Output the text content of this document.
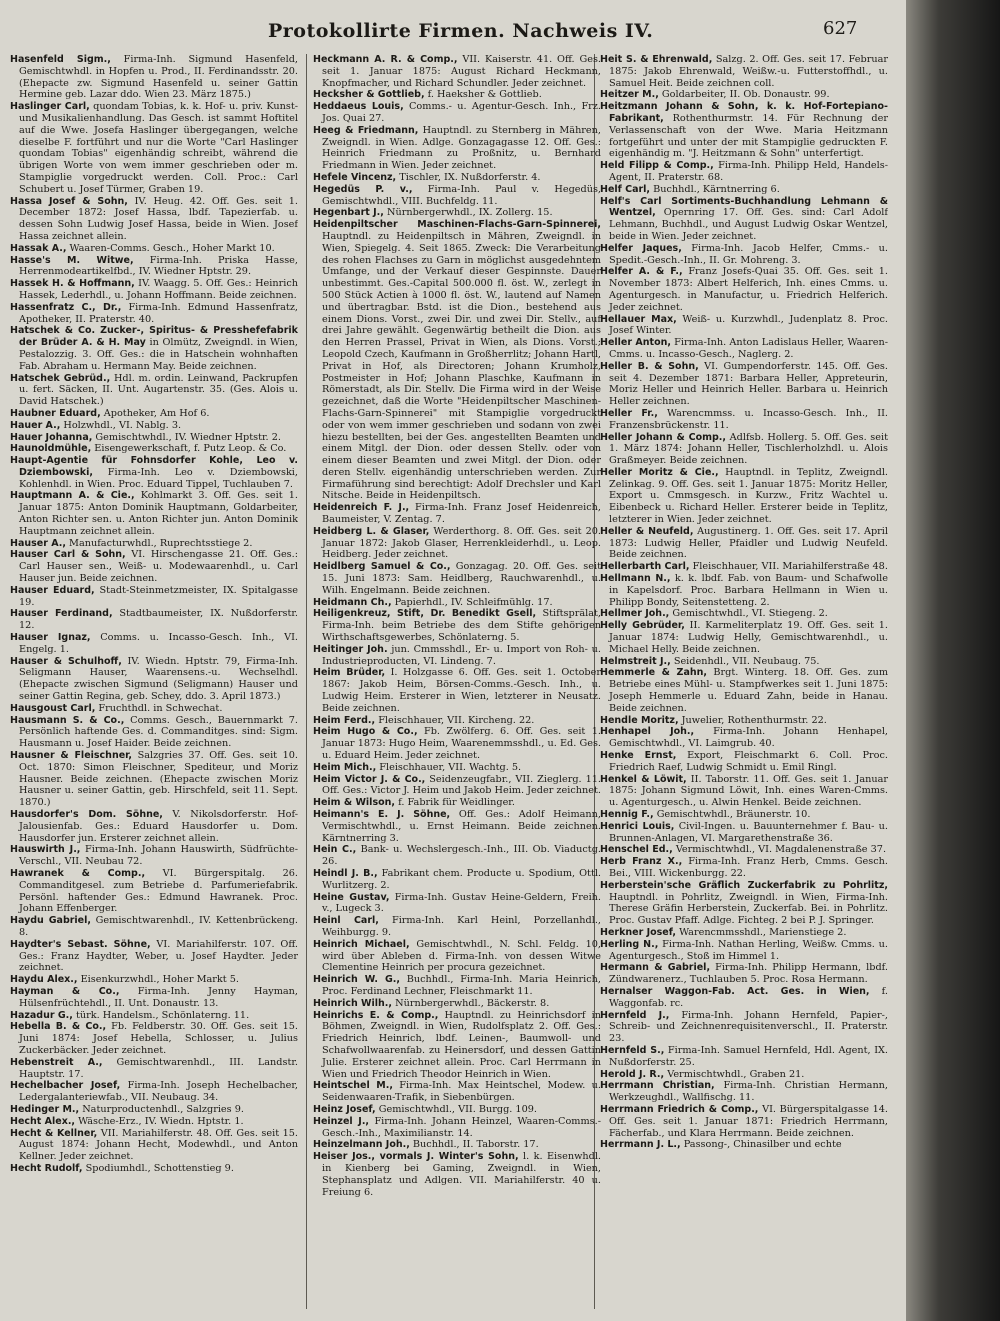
Protokollirte Firmen. Nachweis IV.	627

Hasenfeld Sigm., Firma-Inh. Sigmund Hasenfeld, Gemischtwhdl. in Hopfen u. Prod., II. Ferdinandsstr. 20. (Ehepacte zw. Sigmund Hasenfeld u. seiner Gattin Hermine geb. Lazar ddo. Wien 23. März 1875.)

Haslinger Carl, quondam Tobias, k. k. Hof- u. priv. Kunst- und Musikalienhandlung. Das Gesch. ist sammt Hoftitel auf die Wwe. Josefa Haslinger übergegangen, welche dieselbe F. fortführt und nur die Worte "Carl Haslinger quondam Tobias" eigenhändig schreibt, während die übrigen Worte von wem immer geschrieben oder m. Stampiglie vorgedruckt werden. Coll. Proc.: Carl Schubert u. Josef Türmer, Graben 19.

Hassa Josef & Sohn, IV. Heug. 42. Off. Ges. seit 1. December 1872: Josef Hassa, lbdf. Tapezierfab. u. dessen Sohn Ludwig Josef Hassa, beide in Wien. Josef Hassa zeichnet allein.

Hassak A., Waaren-Comms. Gesch., Hoher Markt 10.

Hasse's M. Witwe, Firma-Inh. Priska Hasse, Herrenmodeartikelfbd., IV. Wiedner Hptstr. 29.

Hassek H. & Hoffmann, IV. Waagg. 5. Off. Ges.: Heinrich Hassek, Lederhdl., u. Johann Hoffmann. Beide zeichnen.

Hassenfratz C., Dr., Firma-Inh. Edmund Hassenfratz, Apotheker, II. Praterstr. 40.

Hatschek & Co. Zucker-, Spiritus- & Presshefefabrik der Brüder A. & H. May in Olmütz, Zweigndl. in Wien, Pestalozzig. 3. Off. Ges.: die in Hatschein wohnhaften Fab. Abraham u. Hermann May. Beide zeichnen.

Hatschek Gebrüd., Hdl. m. ordin. Leinwand, Packrupfen u. fert. Säcken, II. Unt. Augartenstr. 35. (Ges. Alois u. David Hatschek.)

Haubner Eduard, Apotheker, Am Hof 6.

Hauer A., Holzwhdl., VI. Nablg. 3.

Hauer Johanna, Gemischtwhdl., IV. Wiedner Hptstr. 2.

Haunoldmühle, Eisengewerkschaft, f. Putz Leop. & Co.

Haupt-Agentie für Fohnsdorfer Kohle, Leo v. Dziembowski, Firma-Inh. Leo v. Dziembowski, Kohlenhdl. in Wien. Proc. Eduard Tippel, Tuchlauben 7.

Hauptmann A. & Cie., Kohlmarkt 3. Off. Ges. seit 1. Januar 1875: Anton Dominik Hauptmann, Goldarbeiter, Anton Richter sen. u. Anton Richter jun. Anton Dominik Hauptmann zeichnet allein.

Hauser A., Manufacturwhdl., Ruprechtsstiege 2.

Hauser Carl & Sohn, VI. Hirschengasse 21. Off. Ges.: Carl Hauser sen., Weiß- u. Modewaarenhdl., u. Carl Hauser jun. Beide zeichnen.

Hauser Eduard, Stadt-Steinmetzmeister, IX. Spitalgasse 19.

Hauser Ferdinand, Stadtbaumeister, IX. Nußdorferstr. 12.

Hauser Ignaz, Comms. u. Incasso-Gesch. Inh., VI. Engelg. 1.

Hauser & Schulhoff, IV. Wiedn. Hptstr. 79, Firma-Inh. Seligmann Hauser, Waarensens.-u. Wechselhdl. (Ehepacte zwischen Sigmund (Seligmann) Hauser und seiner Gattin Regina, geb. Schey, ddo. 3. April 1873.)

Hausgoust Carl, Fruchthdl. in Schwechat.

Hausmann S. & Co., Comms. Gesch., Bauernmarkt 7. Persönlich haftende Ges. d. Commanditges. sind: Sigm. Hausmann u. Josef Haider. Beide zeichnen.

Hausner & Fleischner, Salzgries 37. Off. Ges. seit 10. Oct. 1870: Simon Fleischner, Spediteur, und Moriz Hausner. Beide zeichnen. (Ehepacte zwischen Moriz Hausner u. seiner Gattin, geb. Hirschfeld, seit 11. Sept. 1870.)

Hausdorfer's Dom. Söhne, V. Nikolsdorferstr. Hof-Jalousienfab. Ges.: Eduard Hausdorfer u. Dom. Hausdorfer jun. Ersterer zeichnet allein.

Hauswirth J., Firma-Inh. Johann Hauswirth, Südfrüchte-Verschl., VII. Neubau 72.

Hawranek & Comp., VI. Bürgerspitalg. 26. Commanditgesel. zum Betriebe d. Parfumeriefabrik. Persönl. haftender Ges.: Edmund Hawranek. Proc. Johann Effenberger.

Haydu Gabriel, Gemischtwarenhdl., IV. Kettenbrückeng. 8.

Haydter's Sebast. Söhne, VI. Mariahilferstr. 107. Off. Ges.: Franz Haydter, Weber, u. Josef Haydter. Jeder zeichnet.

Haydu Alex., Eisenkurzwhdl., Hoher Markt 5.

Hayman & Co., Firma-Inh. Jenny Hayman, Hülsenfrüchtehdl., II. Unt. Donaustr. 13.

Hazadur G., türk. Handelsm., Schönlaterng. 11.

Hebella B. & Co., Fb. Feldberstr. 30. Off. Ges. seit 15. Juni 1874: Josef Hebella, Schlosser, u. Julius Zuckerbäcker. Jeder zeichnet.

Hebenstreit A., Gemischtwarenhdl., III. Landstr. Hauptstr. 17.

Hechelbacher Josef, Firma-Inh. Joseph Hechelbacher, Ledergalanteriewfab., VII. Neubaug. 34.

Hedinger M., Naturproductenhdl., Salzgries 9.

Hecht Alex., Wäsche-Erz., IV. Wiedn. Hptstr. 1.

Hecht & Kellner, VII. Mariahilferstr. 48. Off. Ges. seit 15. August 1874: Johann Hecht, Modewhdl., und Anton Kellner. Jeder zeichnet.

Hecht Rudolf, Spodiumhdl., Schottenstieg 9.

Heckmann A. R. & Comp., VII. Kaiserstr. 41. Off. Ges. seit 1. Januar 1875: August Richard Heckmann, Knopfmacher, und Richard Schundler. Jeder zeichnet.

Hecksher & Gottlieb, f. Haeksher & Gottlieb.

Heddaeus Louis, Comms.- u. Agentur-Gesch. Inh., Frz. Jos. Quai 27.

Heeg & Friedmann, Hauptndl. zu Sternberg in Mähren, Zweigndl. in Wien. Adlge. Gonzagagasse 12. Off. Ges.: Heinrich Friedmann zu Proßnitz, u. Bernhard Friedmann in Wien. Jeder zeichnet.

Hefele Vincenz, Tischler, IX. Nußdorferstr. 4.

Hegedüs P. v., Firma-Inh. Paul v. Hegedüs, Gemischtwhdl., VIII. Buchfeldg. 11.

Hegenbart J., Nürnbergerwhdl., IX. Zollerg. 15.

Heidenpiltscher Maschinen-Flachs-Garn-Spinnerei, Hauptndl. zu Heidenpiltsch in Mähren, Zweigndl. in Wien, Spiegelg. 4. Seit 1865. Zweck: Die Verarbeitung des rohen Flachses zu Garn in möglichst ausgedehntem Umfange, und der Verkauf dieser Gespinnste. Dauer unbestimmt. Ges.-Capital 500.000 fl. öst. W., zerlegt in 500 Stück Actien à 1000 fl. öst. W., lautend auf Namen und übertragbar. Bstd. ist die Dion., bestehend aus einem Dions. Vorst., zwei Dir. und zwei Dir. Stellv., auf drei Jahre gewählt. Gegenwärtig betheilt die Dion. aus den Herren Prassel, Privat in Wien, als Dions. Vorst.; Leopold Czech, Kaufmann in Großherrlitz; Johann Hartl, Privat in Hof, als Directoren; Johann Krumholz, Postmeister in Hof; Johann Plaschke, Kaufmann in Römerstadt, als Dir. Stellv. Die Firma wird in der Weise gezeichnet, daß die Worte "Heidenpiltscher Maschinen-Flachs-Garn-Spinnerei" mit Stampiglie vorgedruckt oder von wem immer geschrieben und sodann von zwei hiezu bestellten, bei der Ges. angestellten Beamten und einem Mitgl. der Dion. oder dessen Stellv. oder von einem dieser Beamten und zwei Mitgl. der Dion. oder deren Stellv. eigenhändig unterschrieben werden. Zur Firmaführung sind berechtigt: Adolf Drechsler und Karl Nitsche. Beide in Heidenpiltsch.

Heidenreich F. J., Firma-Inh. Franz Josef Heidenreich, Baumeister, V. Zentag. 7.

Heidberg L. & Glaser, Werderthorg. 8. Off. Ges. seit 20. Januar 1872: Jakob Glaser, Herrenkleiderhdl., u. Leop. Heidberg. Jeder zeichnet.

Heidlberg Samuel & Co., Gonzagag. 20. Off. Ges. seit 15. Juni 1873: Sam. Heidlberg, Rauchwarenhdl., u. Wilh. Engelmann. Beide zeichnen.

Heidmann Ch., Papierhdl., IV. Schleifmühlg. 17.

Heiligenkreuz, Stift, Dr. Benedikt Gsell, Stiftsprälat, Firma-Inh. beim Betriebe des dem Stifte gehörigen Wirthschaftsgewerbes, Schönlaterng. 5.

Heitinger Joh. jun. Cmmsshdl., Er- u. Import von Roh- u. Industrieproducten, VI. Lindeng. 7.

Heim Brüder, I. Holzgasse 6. Off. Ges. seit 1. October 1867: Jakob Heim, Börsen-Comms.-Gesch. Inh., u. Ludwig Heim. Ersterer in Wien, letzterer in Neusatz. Beide zeichnen.

Heim Ferd., Fleischhauer, VII. Kircheng. 22.

Heim Hugo & Co., Fb. Zwölferg. 6. Off. Ges. seit 1. Januar 1873: Hugo Heim, Waarenemmsshdl., u. Ed. Ges. u. Eduard Heim. Jeder zeichnet.

Heim Mich., Fleischhauer, VII. Wachtg. 5.

Heim Victor J. & Co., Seidenzeugfabr., VII. Zieglerg. 11. Off. Ges.: Victor J. Heim und Jakob Heim. Jeder zeichnet.

Heim & Wilson, f. Fabrik für Weidlinger.

Heimann's E. J. Söhne, Off. Ges.: Adolf Heimann, Vermischtwhdl., u. Ernst Heimann. Beide zeichnen. Kärntnerring 3.

Hein C., Bank- u. Wechslergesch.-Inh., III. Ob. Viaductg. 26.

Heindl J. B., Fabrikant chem. Producte u. Spodium, Ottl. Wurlitzerg. 2.

Heine Gustav, Firma-Inh. Gustav Heine-Geldern, Freih. v., Lugeck 3.

Heinl Carl, Firma-Inh. Karl Heinl, Porzellanhdl., Weihburgg. 9.

Heinrich Michael, Gemischtwhdl., N. Schl. Feldg. 10, wird über Ableben d. Firma-Inh. von dessen Witwe Clementine Heinrich per procura gezeichnet.

Heinrich W. G., Buchhdl., Firma-Inh. Maria Heinrich, Proc. Ferdinand Lechner, Fleischmarkt 11.

Heinrich Wilh., Nürnbergerwhdl., Bäckerstr. 8.

Heinrichs E. & Comp., Hauptndl. zu Heinrichsdorf in Böhmen, Zweigndl. in Wien, Rudolfsplatz 2. Off. Ges.: Friedrich Heinrich, lbdf. Leinen-, Baumwoll- und Schafwollwaarenfab. zu Heinersdorf, und dessen Gattin Julie. Ersterer zeichnet allein. Proc. Carl Herrmann in Wien und Friedrich Theodor Heinrich in Wien.

Heintschel M., Firma-Inh. Max Heintschel, Modew. u. Seidenwaaren-Trafik, in Siebenbürgen.

Heinz Josef, Gemischtwhdl., VII. Burgg. 109.

Heinzel J., Firma-Inh. Johann Heinzel, Waaren-Comms.-Gesch.-Inh., Maximilianstr. 14.

Heinzelmann Joh., Buchhdl., II. Taborstr. 17.

Heiser Jos., vormals J. Winter's Sohn, l. k. Eisenwhdl. in Kienberg bei Gaming, Zweigndl. in Wien, Stephansplatz und Adlgen. VII. Mariahilferstr. 40 u. Freiung 6.

Heit S. & Ehrenwald, Salzg. 2. Off. Ges. seit 17. Februar 1875: Jakob Ehrenwald, Weißw.-u. Futterstoffhdl., u. Samuel Heit. Beide zeichnen coll.

Heitzer M., Goldarbeiter, II. Ob. Donaustr. 99.

Heitzmann Johann & Sohn, k. k. Hof-Fortepiano-Fabrikant, Rothenthurmstr. 14. Für Rechnung der Verlassenschaft von der Wwe. Maria Heitzmann fortgeführt und unter der mit Stampiglie gedruckten F. eigenhändig m. "J. Heitzmann & Sohn" unterfertigt.

Held Filipp & Comp., Firma-Inh. Philipp Held, Handels-Agent, II. Praterstr. 68.

Helf Carl, Buchhdl., Kärntnerring 6.

Helf's Carl Sortiments-Buchhandlung Lehmann & Wentzel, Opernring 17. Off. Ges. sind: Carl Adolf Lehmann, Buchhdl., und August Ludwig Oskar Wentzel, beide in Wien. Jeder zeichnet.

Helfer Jaques, Firma-Inh. Jacob Helfer, Cmms.- u. Spedit.-Gesch.-Inh., II. Gr. Mohreng. 3.

Helfer A. & F., Franz Josefs-Quai 35. Off. Ges. seit 1. November 1873: Albert Helferich, Inh. eines Cmms. u. Agenturgesch. in Manufactur, u. Friedrich Helferich. Jeder zeichnet.

Hellauer Max, Weiß- u. Kurzwhdl., Judenplatz 8. Proc. Josef Winter.

Heller Anton, Firma-Inh. Anton Ladislaus Heller, Waaren-Cmms. u. Incasso-Gesch., Naglerg. 2.

Heller B. & Sohn, VI. Gumpendorferstr. 145. Off. Ges. seit 4. Dezember 1871: Barbara Heller, Appreteurin, Moriz Heller und Heinrich Heller. Barbara u. Heinrich Heller zeichnen.

Heller Fr., Warencmmss. u. Incasso-Gesch. Inh., II. Franzensbrückenstr. 11.

Heller Johann & Comp., Adlfsb. Hollerg. 5. Off. Ges. seit 1. März 1874: Johann Heller, Tischlerholzhdl. u. Alois Graßmeyer. Beide zeichnen.

Heller Moritz & Cie., Hauptndl. in Teplitz, Zweigndl. Zelinkag. 9. Off. Ges. seit 1. Januar 1875: Moritz Heller, Export u. Cmmsgesch. in Kurzw., Fritz Wachtel u. Eibenbeck u. Richard Heller. Ersterer beide in Teplitz, letzterer in Wien. Jeder zeichnet.

Heller & Neufeld, Augustinerg. 1. Off. Ges. seit 17. April 1873: Ludwig Heller, Pfaidler und Ludwig Neufeld. Beide zeichnen.

Hellerbarth Carl, Fleischhauer, VII. Mariahilferstraße 48.

Hellmann N., k. k. lbdf. Fab. von Baum- und Schafwolle in Kapelsdorf. Proc. Barbara Hellmann in Wien u. Philipp Bondy, Seitenstetteng. 2.

Hellmer Joh., Gemischtwhdl., VI. Stiegeng. 2.

Helly Gebrüder, II. Karmeliterplatz 19. Off. Ges. seit 1. Januar 1874: Ludwig Helly, Gemischtwarenhdl., u. Michael Helly. Beide zeichnen.

Helmstreit J., Seidenhdl., VII. Neubaug. 75.

Hemmerle & Zahn, Brgt. Winterg. 18. Off. Ges. zum Betriebe eines Mühl- u. Stampfwerkes seit 1. Juni 1875: Joseph Hemmerle u. Eduard Zahn, beide in Hanau. Beide zeichnen.

Hendle Moritz, Juwelier, Rothenthurmstr. 22.

Henhapel Joh., Firma-Inh. Johann Henhapel, Gemischtwhdl., VI. Laimgrub. 40.

Henke Ernst, Export, Fleischmarkt 6. Coll. Proc. Friedrich Raef, Ludwig Schmidt u. Emil Ringl.

Henkel & Löwit, II. Taborstr. 11. Off. Ges. seit 1. Januar 1875: Johann Sigmund Löwit, Inh. eines Waren-Cmms. u. Agenturgesch., u. Alwin Henkel. Beide zeichnen.

Hennig F., Gemischtwhdl., Bräunerstr. 10.

Henrici Louis, Civil-Ingen. u. Bauunternehmer f. Bau- u. Brunnen-Anlagen, VI. Margarethenstraße 36.

Henschel Ed., Vermischtwhdl., VI. Magdalenenstraße 37.

Herb Franz X., Firma-Inh. Franz Herb, Cmms. Gesch. Bei., VIII. Wickenburgg. 22.

Herberstein'sche Gräflich Zuckerfabrik zu Pohrlitz, Hauptndl. in Pohrlitz, Zweigndl. in Wien, Firma-Inh. Therese Gräfin Herberstein, Zuckerfab. Bei. in Pohrlitz. Proc. Gustav Pfaff. Adlge. Fichteg. 2 bei P. J. Springer.

Herkner Josef, Warencmmsshdl., Marienstiege 2.

Herling N., Firma-Inh. Nathan Herling, Weißw. Cmms. u. Agenturgesch., Stoß im Himmel 1.

Hermann & Gabriel, Firma-Inh. Philipp Hermann, lbdf. Zündwarenerz., Tuchlauben 5. Proc. Rosa Hermann.

Hernalser Waggon-Fab. Act. Ges. in Wien, f. Waggonfab. rc.

Hernfeld J., Firma-Inh. Johann Hernfeld, Papier-, Schreib- und Zeichnenrequisitenverschl., II. Praterstr. 23.

Hernfeld S., Firma-Inh. Samuel Hernfeld, Hdl. Agent, IX. Nußdorferstr. 25.

Herold J. R., Vermischtwhdl., Graben 21.

Herrmann Christian, Firma-Inh. Christian Hermann, Werkzeughdl., Wallfischg. 11.

Herrmann Friedrich & Comp., VI. Bürgerspitalgasse 14. Off. Ges. seit 1. Januar 1871: Friedrich Herrmann, Fächerfab., und Klara Herrmann. Beide zeichnen.

Herrmann J. L., Passong-, Chinasilber und echte
